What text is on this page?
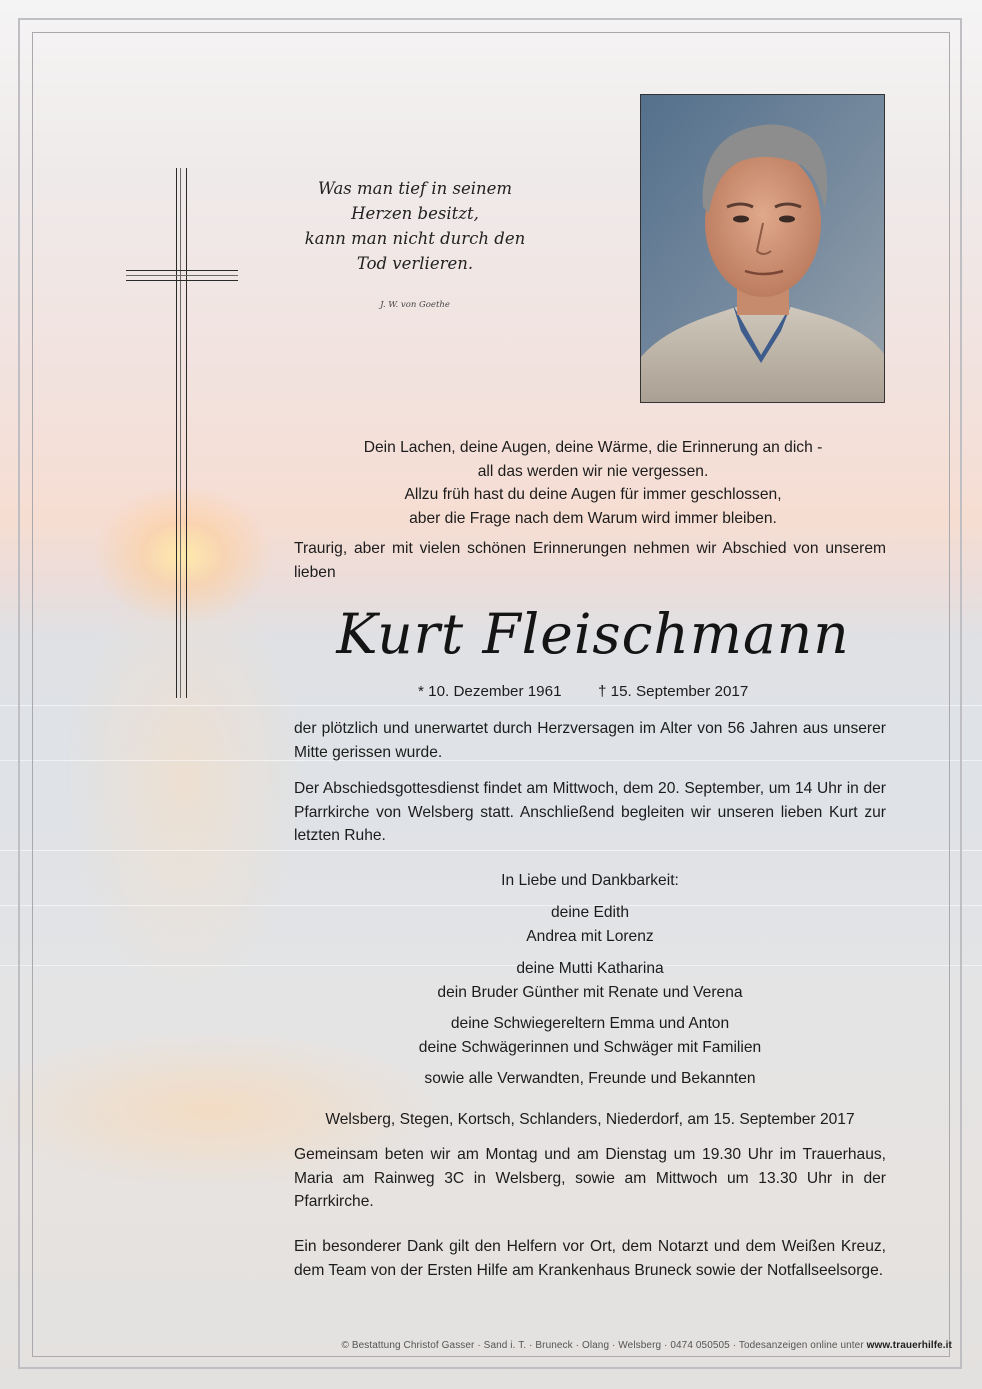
Was man tief in seinem
Herzen besitzt,
kann man nicht durch den
Tod verlieren.
J. W. von Goethe
Dein Lachen, deine Augen, deine Wärme, die Erinnerung an dich -
all das werden wir nie vergessen.
Allzu früh hast du deine Augen für immer geschlossen,
aber die Frage nach dem Warum wird immer bleiben.
Traurig, aber mit vielen schönen Erinnerungen nehmen wir Abschied von unserem lieben
Kurt Fleischmann
* 10. Dezember 1961 † 15. September 2017
der plötzlich und unerwartet durch Herzversagen im Alter von 56 Jahren aus unserer Mitte gerissen wurde.
Der Abschiedsgottesdienst findet am Mittwoch, dem 20. September, um 14 Uhr in der Pfarrkirche von Welsberg statt. Anschließend begleiten wir unseren lieben Kurt zur letzten Ruhe.
In Liebe und Dankbarkeit:
deine Edith
Andrea mit Lorenz
deine Mutti Katharina
dein Bruder Günther mit Renate und Verena
deine Schwiegereltern Emma und Anton
deine Schwägerinnen und Schwäger mit Familien
sowie alle Verwandten, Freunde und Bekannten
Welsberg, Stegen, Kortsch, Schlanders, Niederdorf, am 15. September 2017
Gemeinsam beten wir am Montag und am Dienstag um 19.30 Uhr im Trauerhaus, Maria am Rainweg 3C in Welsberg, sowie am Mittwoch um 13.30 Uhr in der Pfarrkirche.
Ein besonderer Dank gilt den Helfern vor Ort, dem Notarzt und dem Weißen Kreuz, dem Team von der Ersten Hilfe am Krankenhaus Bruneck sowie der Notfallseelsorge.
© Bestattung Christof Gasser · Sand i. T. · Bruneck · Olang · Welsberg · 0474 050505 · Todesanzeigen online unter www.trauerhilfe.it
